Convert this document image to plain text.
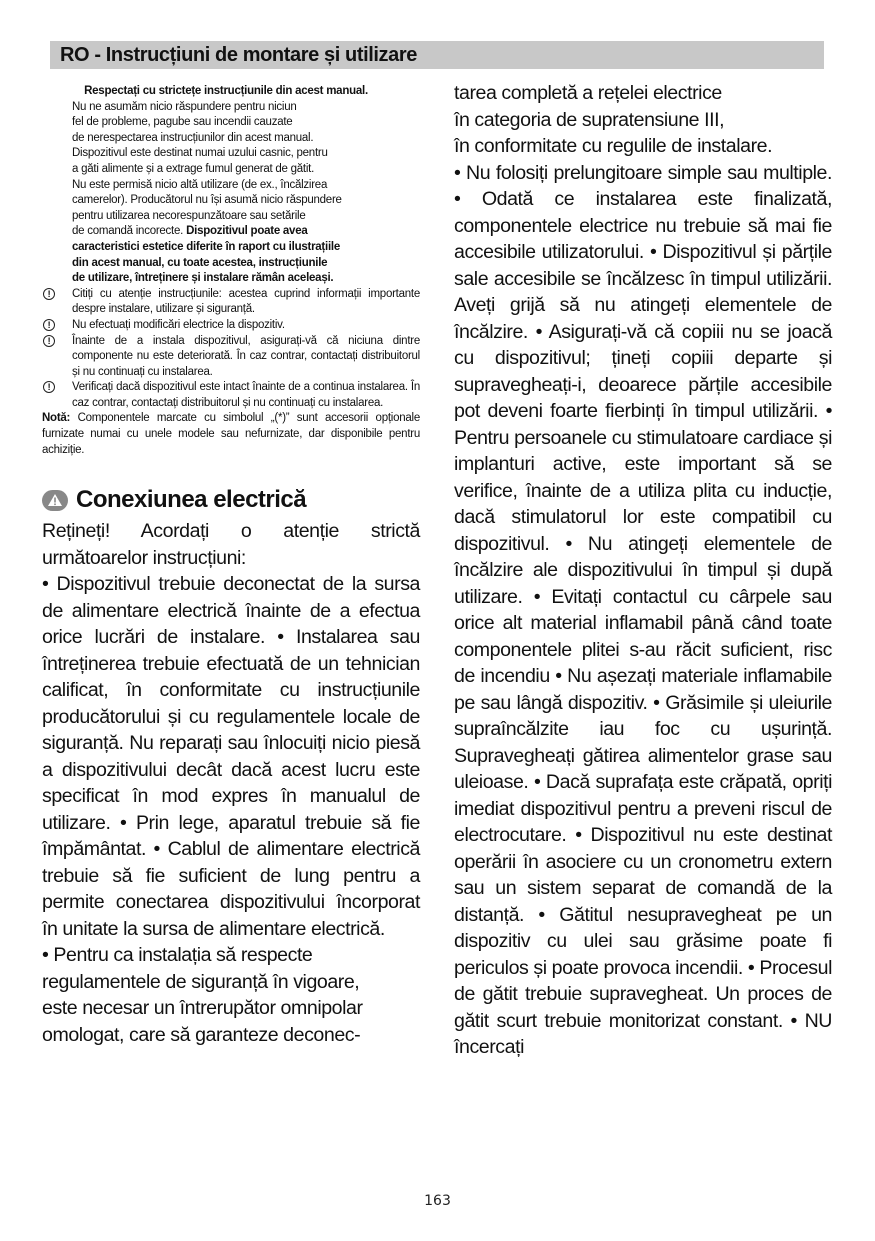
RO - Instrucțiuni de montare și utilizare

Respectați cu strictețe instrucțiunile din acest manual.

Nu ne asumăm nicio răspundere pentru niciun

fel de probleme, pagube sau incendii cauzate

de nerespectarea instrucțiunilor din acest manual.

Dispozitivul este destinat numai uzului casnic, pentru

a găti alimente și a extrage fumul generat de gătit.

Nu este permisă nicio altă utilizare (de ex., încălzirea

camerelor). Producătorul nu își asumă nicio răspundere

pentru utilizarea necorespunzătoare sau setările

de comandă incorecte. Dispozitivul poate avea

caracteristici estetice diferite în raport cu ilustrațiile

din acest manual, cu toate acestea, instrucțiunile

de utilizare, întreținere și instalare rămân aceleași.

!	Citiți cu atenție instrucțiunile: acestea cuprind informații importante despre instalare, utilizare și siguranță.
!	Nu efectuați modificări electrice la dispozitiv.
!	Înainte de a instala dispozitivul, asigurați-vă că niciuna dintre componente nu este deteriorată. În caz contrar, contactați distribuitorul și nu continuați cu instalarea.
!	Verificați dacă dispozitivul este intact înainte de a continua instalarea. În caz contrar, contactați distribuitorul și nu continuați cu instalarea.

Notă: Componentele marcate cu simbolul „(*)” sunt accesorii opționale furnizate numai cu unele modele sau nefurnizate, dar disponibile pentru achiziție.

Conexiunea electrică

Rețineți! Acordați o atenție strictă următoarelor instrucțiuni:

• Dispozitivul trebuie deconectat de la sursa de alimentare electrică înainte de a efectua orice lucrări de instalare. • Instalarea sau întreținerea trebuie efectuată de un tehnician calificat, în conformitate cu instrucțiunile producătorului și cu regulamentele locale de siguranță. Nu reparați sau înlocuiți nicio piesă a dispozitivului decât dacă acest lucru este specificat în mod expres în manualul de utilizare. • Prin lege, aparatul trebuie să fie împământat. • Cablul de alimentare electrică trebuie să fie suficient de lung pentru a permite conectarea dispozitivului încorporat în unitate la sursa de alimentare electrică.

• Pentru ca instalația să respecte

regulamentele de siguranță în vigoare,

este necesar un întrerupător omnipolar

omologat, care să garanteze deconec-

tarea completă a rețelei electrice

în categoria de supratensiune III,

în conformitate cu regulile de instalare.

• Nu folosiți prelungitoare simple sau multiple. • Odată ce instalarea este finalizată, componentele electrice nu trebuie să mai fie accesibile utilizatorului. • Dispozitivul și părțile sale accesibile se încălzesc în timpul utilizării. Aveți grijă să nu atingeți elementele de încălzire. • Asigurați-vă că copiii nu se joacă cu dispozitivul; țineți copiii departe și supravegheați-i, deoarece părțile accesibile pot deveni foarte fierbinți în timpul utilizării. • Pentru persoanele cu stimulatoare cardiace și implanturi active, este important să se verifice, înainte de a utiliza plita cu inducție, dacă stimulatorul lor este compatibil cu dispozitivul. • Nu atingeți elementele de încălzire ale dispozitivului în timpul și după utilizare. • Evitați contactul cu cârpele sau orice alt material inflamabil până când toate componentele plitei s-au răcit suficient, risc de incendiu • Nu așezați materiale inflamabile pe sau lângă dispozitiv. • Grăsimile și uleiurile supraîncălzite iau foc cu ușurință. Supravegheați gătirea alimentelor grase sau uleioase. • Dacă suprafața este crăpată, opriți imediat dispozitivul pentru a preveni riscul de electrocutare. • Dispozitivul nu este destinat operării în asociere cu un cronometru extern sau un sistem separat de comandă de la distanță. • Gătitul nesupravegheat pe un dispozitiv cu ulei sau grăsime poate fi periculos și poate provoca incendii. • Procesul de gătit trebuie supravegheat. Un proces de gătit scurt trebuie monitorizat constant. • NU încercați

163
